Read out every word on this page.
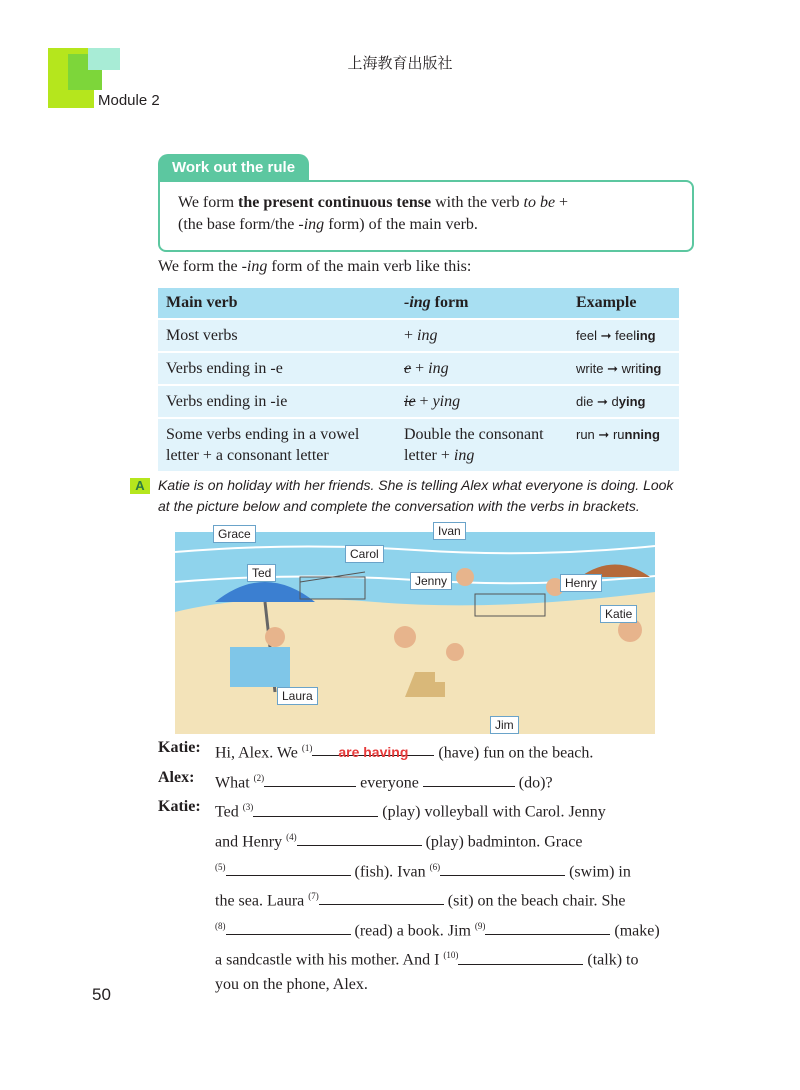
Module 2
上海教育出版社
Work out the rule
We form the present continuous tense with the verb to be +
(the base form/the -ing form) of the main verb.
We form the -ing form of the main verb like this:
Main verb	-ing form	Example
Most verbs	+ ing	feel ➞ feeling
Verbs ending in -e	e + ing	write ➞ writing
Verbs ending in -ie	ie + ying	die ➞ dying
Some verbs ending in a vowel letter + a consonant letter	Double the consonant letter + ing	run ➞ running
A Katie is on holiday with her friends. She is telling Alex what everyone is doing. Look at the picture below and complete the conversation with the verbs in brackets.
Grace	Ivan
Carol
Ted
Jenny	Henry
Katie
Laura
Jim
Katie: Hi, Alex. We $^{(1)}$ are having (have) fun on the beach.
Alex:	What $^{(2)}$	everyone	(do)?
Katie: Ted $^{(3)}$	(play) volleyball with Carol. Jenny
and Henry $^{(4)}$	(play) badminton. Grace
$^{(5)}$	(fish). Ivan $^{(6)}$	(swim) in
the sea. Laura $^{(7)}$	(sit) on the beach chair. She
$^{(8)}$	(read) a book. Jim $^{(9)}$	(make)
a sandcastle with his mother. And I $^{(10)}$	(talk) to
you on the phone, Alex.
50
